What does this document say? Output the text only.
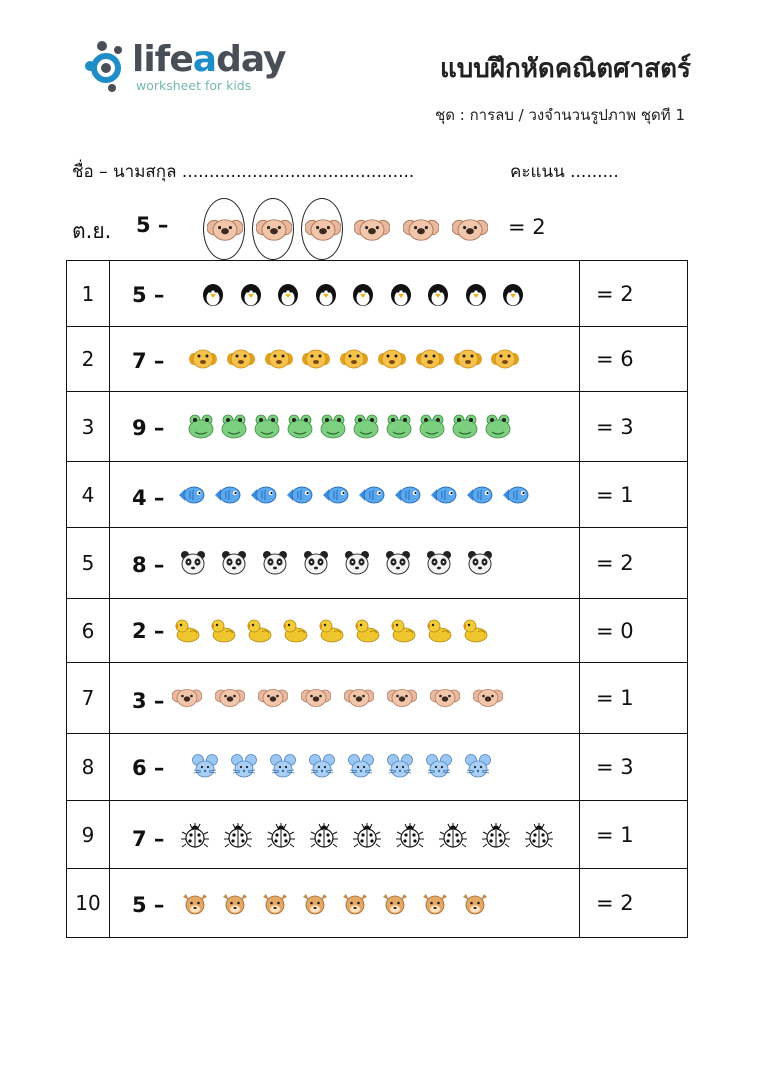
lifeaday
worksheet for kids
แบบฝึกหัดคณิตศาสตร์
ชุด : การลบ / วงจำนวนรูปภาพ ชุดที 1
ชื่อ – นามสกุล ...........................................	คะแนน .........
ต.ย. 5 –	= 2
1	5 –	= 2
2	7 –	= 6
3	9 –	= 3
4	4 –	= 1
5	8 –	= 2
6	2 –	= 0
7	3 –	= 1
8	6 –	= 3
9	7 –	= 1
10	5 –	= 2
